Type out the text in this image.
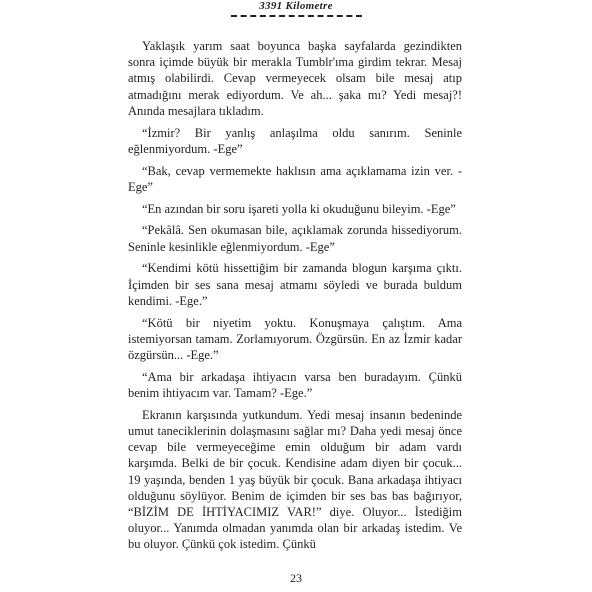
3391 Kilometre

Yaklaşık yarım saat boyunca başka sayfalarda gezindikten sonra içimde büyük bir merakla Tumblr'ıma girdim tekrar. Mesaj atmış olabilirdi. Cevap vermeyecek olsam bile mesaj atıp atmadığını merak ediyordum. Ve ah... şaka mı? Yedi mesaj?! Anında mesajlara tıkladım.

“İzmir? Bir yanlış anlaşılma oldu sanırım. Seninle eğlenmiyordum. -Ege”

“Bak, cevap vermemekte haklısın ama açıklamama izin ver. -Ege”

“En azından bir soru işareti yolla ki okuduğunu bileyim. -Ege”

“Pekâlâ. Sen okumasan bile, açıklamak zorunda hissediyorum. Seninle kesinlikle eğlenmiyordum. -Ege”

“Kendimi kötü hissettiğim bir zamanda blogun karşıma çıktı. İçimden bir ses sana mesaj atmamı söyledi ve burada buldum kendimi. -Ege.”

“Kötü bir niyetim yoktu. Konuşmaya çalıştım. Ama istemiyorsan tamam. Zorlamıyorum. Özgürsün. En az İzmir kadar özgürsün... -Ege.”

“Ama bir arkadaşa ihtiyacın varsa ben buradayım. Çünkü benim ihtiyacım var. Tamam? -Ege.”

Ekranın karşısında yutkundum. Yedi mesaj insanın bedeninde umut taneciklerinin dolaşmasını sağlar mı? Daha yedi mesaj önce cevap bile vermeyeceğime emin olduğum bir adam vardı karşımda. Belki de bir çocuk. Kendisine adam diyen bir çocuk... 19 yaşında, benden 1 yaş büyük bir çocuk. Bana arkadaşa ihtiyacı olduğunu söylüyor. Benim de içimden bir ses bas bas bağırıyor, “BİZİM DE İHTİYACIMIZ VAR!” diye. Oluyor... İstediğim oluyor... Yanımda olmadan yanımda olan bir arkadaş istedim. Ve bu oluyor. Çünkü çok istedim. Çünkü

23
